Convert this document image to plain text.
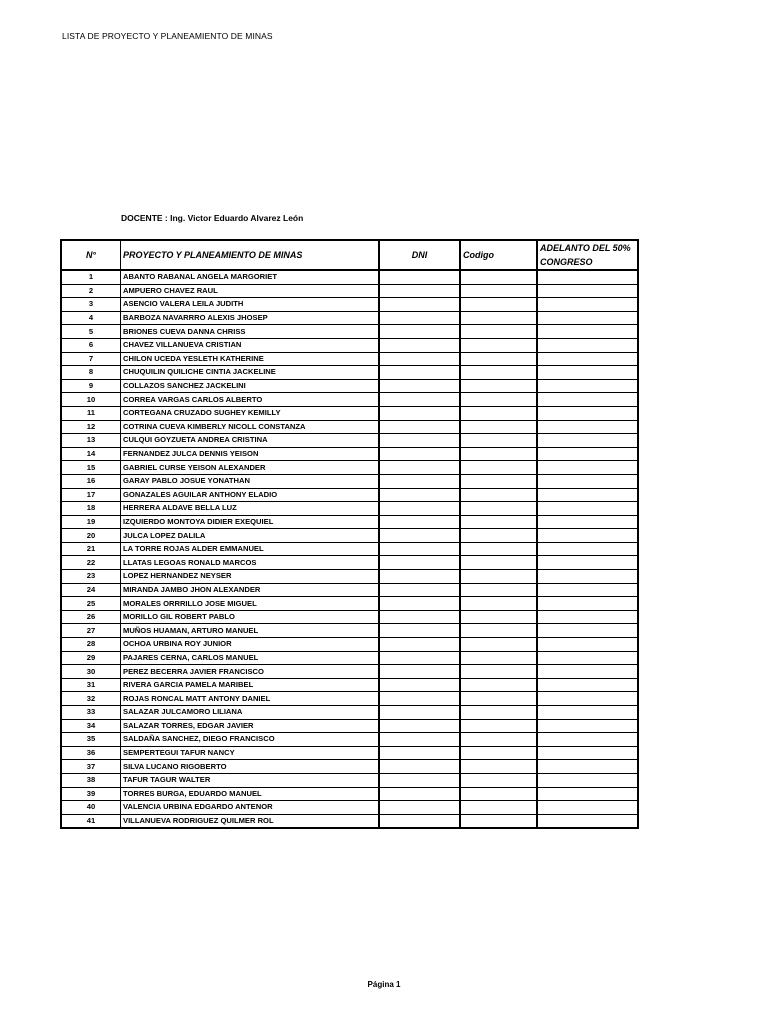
LISTA DE PROYECTO Y PLANEAMIENTO DE MINAS
DOCENTE : Ing. Victor Eduardo Alvarez León
N°	PROYECTO Y PLANEAMIENTO DE MINAS	DNI	Codigo	ADELANTO DEL 50% CONGRESO
1	ABANTO RABANAL ANGELA MARGORIET			
2	AMPUERO CHAVEZ RAUL			
3	ASENCIO VALERA LEILA JUDITH			
4	BARBOZA NAVARRRO ALEXIS JHOSEP			
5	BRIONES CUEVA DANNA CHRISS			
6	CHAVEZ VILLANUEVA CRISTIAN			
7	CHILON UCEDA YESLETH KATHERINE			
8	CHUQUILIN QUILICHE CINTIA JACKELINE			
9	COLLAZOS SANCHEZ JACKELINI			
10	CORREA VARGAS CARLOS ALBERTO			
11	CORTEGANA CRUZADO SUGHEY KEMILLY			
12	COTRINA CUEVA KIMBERLY NICOLL CONSTANZA			
13	CULQUI GOYZUETA ANDREA CRISTINA			
14	FERNANDEZ JULCA DENNIS YEISON			
15	GABRIEL CURSE YEISON ALEXANDER			
16	GARAY PABLO JOSUE YONATHAN			
17	GONAZALES AGUILAR ANTHONY ELADIO			
18	HERRERA ALDAVE BELLA LUZ			
19	IZQUIERDO MONTOYA DIDIER EXEQUIEL			
20	JULCA LOPEZ DALILA			
21	LA TORRE ROJAS ALDER EMMANUEL			
22	LLATAS LEGOAS RONALD MARCOS			
23	LOPEZ HERNANDEZ NEYSER			
24	MIRANDA JAMBO JHON ALEXANDER			
25	MORALES ORRRILLO JOSE MIGUEL			
26	MORILLO GIL ROBERT PABLO			
27	MUÑOS HUAMAN, ARTURO MANUEL			
28	OCHOA URBINA ROY JUNIOR			
29	PAJARES CERNA, CARLOS MANUEL			
30	PEREZ BECERRA JAVIER FRANCISCO			
31	RIVERA GARCIA PAMELA MARIBEL			
32	ROJAS RONCAL MATT ANTONY DANIEL			
33	SALAZAR JULCAMORO LILIANA			
34	SALAZAR TORRES, EDGAR JAVIER			
35	SALDAÑA SANCHEZ, DIEGO FRANCISCO			
36	SEMPERTEGUI TAFUR NANCY			
37	SILVA LUCANO RIGOBERTO			
38	TAFUR TAGUR WALTER			
39	TORRES BURGA, EDUARDO MANUEL			
40	VALENCIA URBINA EDGARDO ANTENOR			
41	VILLANUEVA RODRIGUEZ QUILMER ROL			
Página 1
